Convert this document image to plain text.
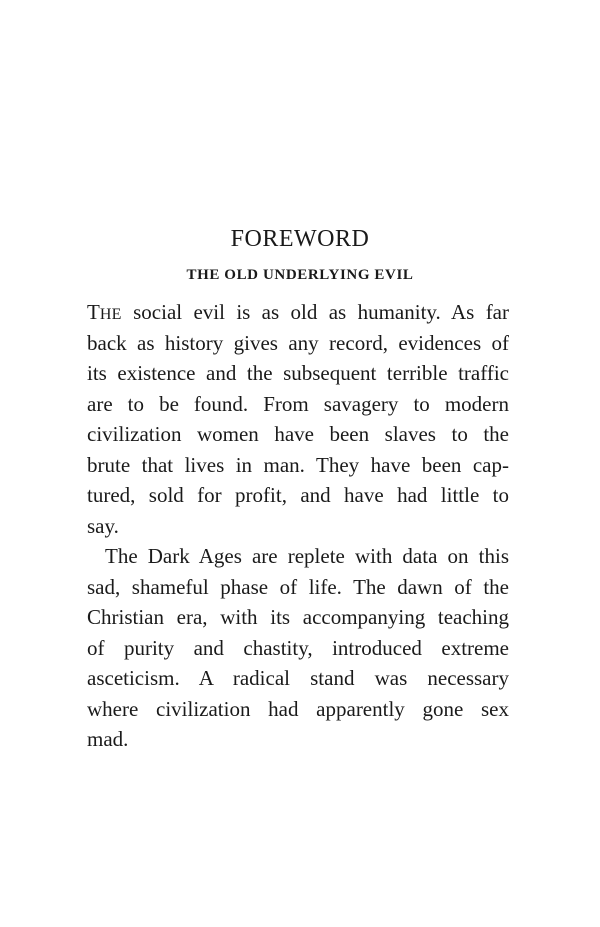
FOREWORD
THE OLD UNDERLYING EVIL
THE social evil is as old as humanity. As far
back as history gives any record, evidences of
its existence and the subsequent terrible traffic
are to be found. From savagery to modern
civilization women have been slaves to the
brute that lives in man. They have been cap-
tured, sold for profit, and have had little to
say.
The Dark Ages are replete with data on this
sad, shameful phase of life. The dawn of the
Christian era, with its accompanying teaching
of purity and chastity, introduced extreme
asceticism. A radical stand was necessary
where civilization had apparently gone sex
mad.
